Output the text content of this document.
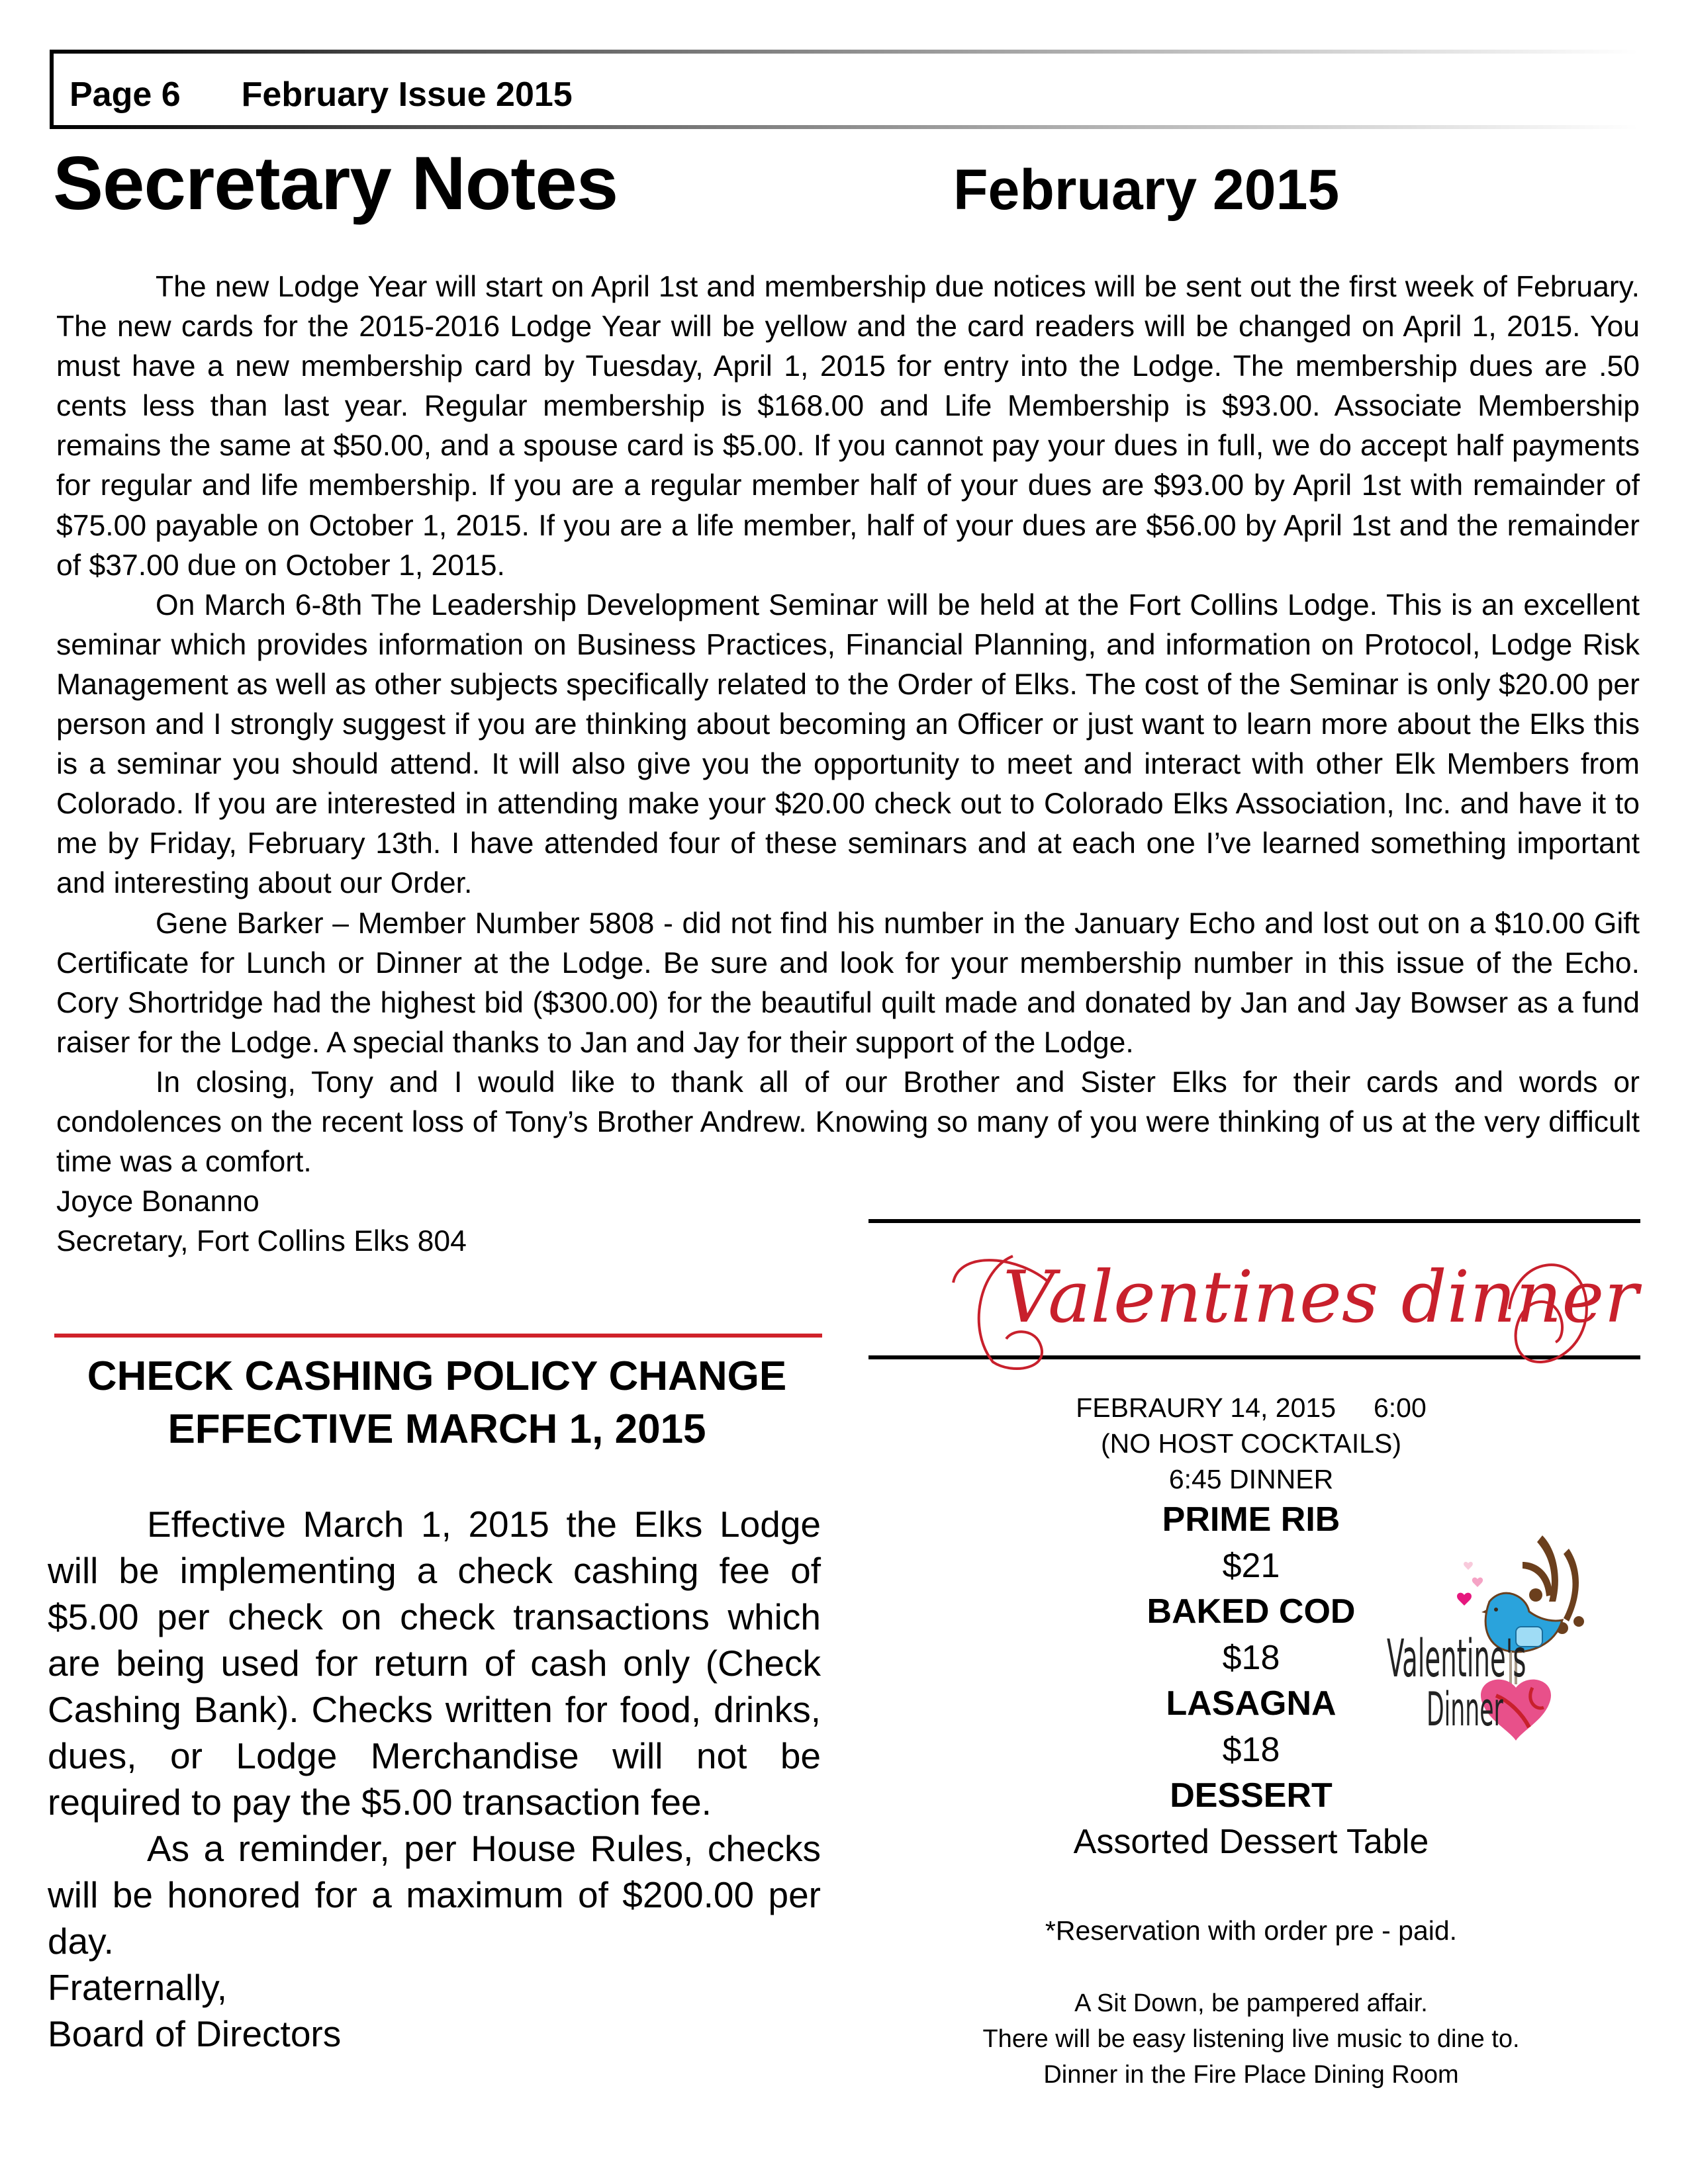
Page 6 February Issue 2015
Secretary Notes	February 2015

The new Lodge Year will start on April 1st and membership due notices will be sent out the first week of February. The new cards for the 2015-2016 Lodge Year will be yellow and the card readers will be changed on April 1, 2015. You must have a new membership card by Tuesday, April 1, 2015 for entry into the Lodge. The membership dues are .50 cents less than last year. Regular membership is $168.00 and Life Membership is $93.00. Associate Membership remains the same at $50.00, and a spouse card is $5.00. If you cannot pay your dues in full, we do accept half payments for regular and life membership. If you are a regular member half of your dues are $93.00 by April 1st with remainder of $75.00 payable on October 1, 2015. If you are a life member, half of your dues are $56.00 by April 1st and the remainder of $37.00 due on October 1, 2015.

On March 6-8th The Leadership Development Seminar will be held at the Fort Collins Lodge. This is an excellent seminar which provides information on Business Practices, Financial Planning, and information on Protocol, Lodge Risk Management as well as other subjects specifically related to the Order of Elks. The cost of the Seminar is only $20.00 per person and I strongly suggest if you are thinking about becoming an Officer or just want to learn more about the Elks this is a seminar you should attend. It will also give you the opportunity to meet and interact with other Elk Members from Colorado. If you are interested in attending make your $20.00 check out to Colorado Elks Association, Inc. and have it to me by Friday, February 13th. I have attended four of these seminars and at each one I’ve learned something important and interesting about our Order.

Gene Barker – Member Number 5808 - did not find his number in the January Echo and lost out on a $10.00 Gift Certificate for Lunch or Dinner at the Lodge. Be sure and look for your membership number in this issue of the Echo. Cory Shortridge had the highest bid ($300.00) for the beautiful quilt made and donated by Jan and Jay Bowser as a fund raiser for the Lodge. A special thanks to Jan and Jay for their support of the Lodge.

In closing, Tony and I would like to thank all of our Brother and Sister Elks for their cards and words or condolences on the recent loss of Tony’s Brother Andrew. Knowing so many of you were thinking of us at the very difficult time was a comfort.

Joyce Bonanno
Secretary, Fort Collins Elks 804
CHECK CASHING POLICY CHANGE
EFFECTIVE MARCH 1, 2015

Effective March 1, 2015 the Elks Lodge will be implementing a check cashing fee of $5.00 per check on check transactions which are being used for return of cash only (Check Cashing Bank). Checks written for food, drinks, dues, or Lodge Merchandise will not be required to pay the $5.00 transaction fee.

As a reminder, per House Rules, checks will be honored for a maximum of $200.00 per day.

Fraternally,
Board of Directors
Valentines dinner
FEBRAURY 14, 2015     6:00
(NO HOST COCKTAILS)
6:45 DINNER
PRIME RIB
$21
BAKED COD
$18
LASAGNA
$18
DESSERT
Assorted Dessert Table
*Reservation with order pre - paid.
A Sit Down, be pampered affair.
There will be easy listening live music to dine to.
Dinner in the Fire Place Dining Room
Valentine's
Dinner
